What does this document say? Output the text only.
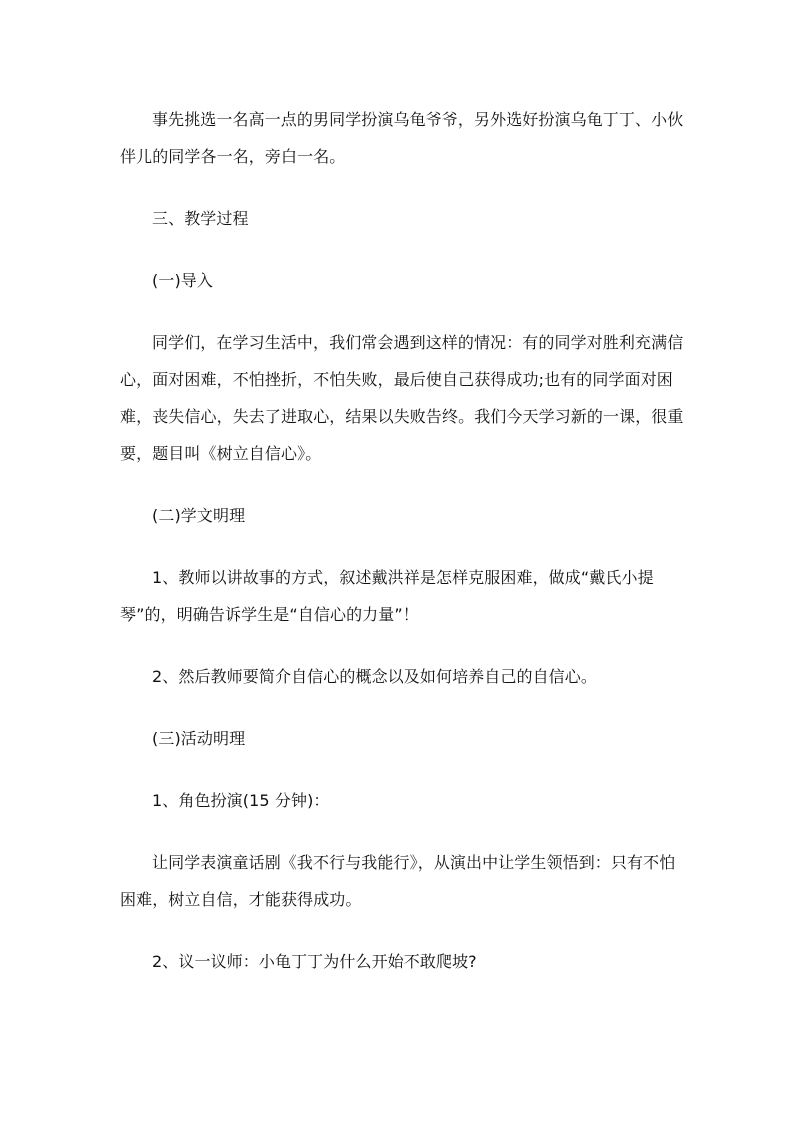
事先挑选一名高一点的男同学扮演乌龟爷爷，另外选好扮演乌龟丁丁、小伙伴儿的同学各一名，旁白一名。

三、教学过程

(一)导入

同学们，在学习生活中，我们常会遇到这样的情况：有的同学对胜利充满信心，面对困难，不怕挫折，不怕失败，最后使自己获得成功;也有的同学面对困难，丧失信心，失去了进取心，结果以失败告终。我们今天学习新的一课，很重要，题目叫《树立自信心》。

(二)学文明理

1、教师以讲故事的方式，叙述戴洪祥是怎样克服困难，做成“戴氏小提琴”的，明确告诉学生是“自信心的力量”！

2、然后教师要简介自信心的概念以及如何培养自己的自信心。

(三)活动明理

1、角色扮演(15 分钟)：

让同学表演童话剧《我不行与我能行》，从演出中让学生领悟到：只有不怕困难，树立自信，才能获得成功。

2、议一议师：小龟丁丁为什么开始不敢爬坡?
